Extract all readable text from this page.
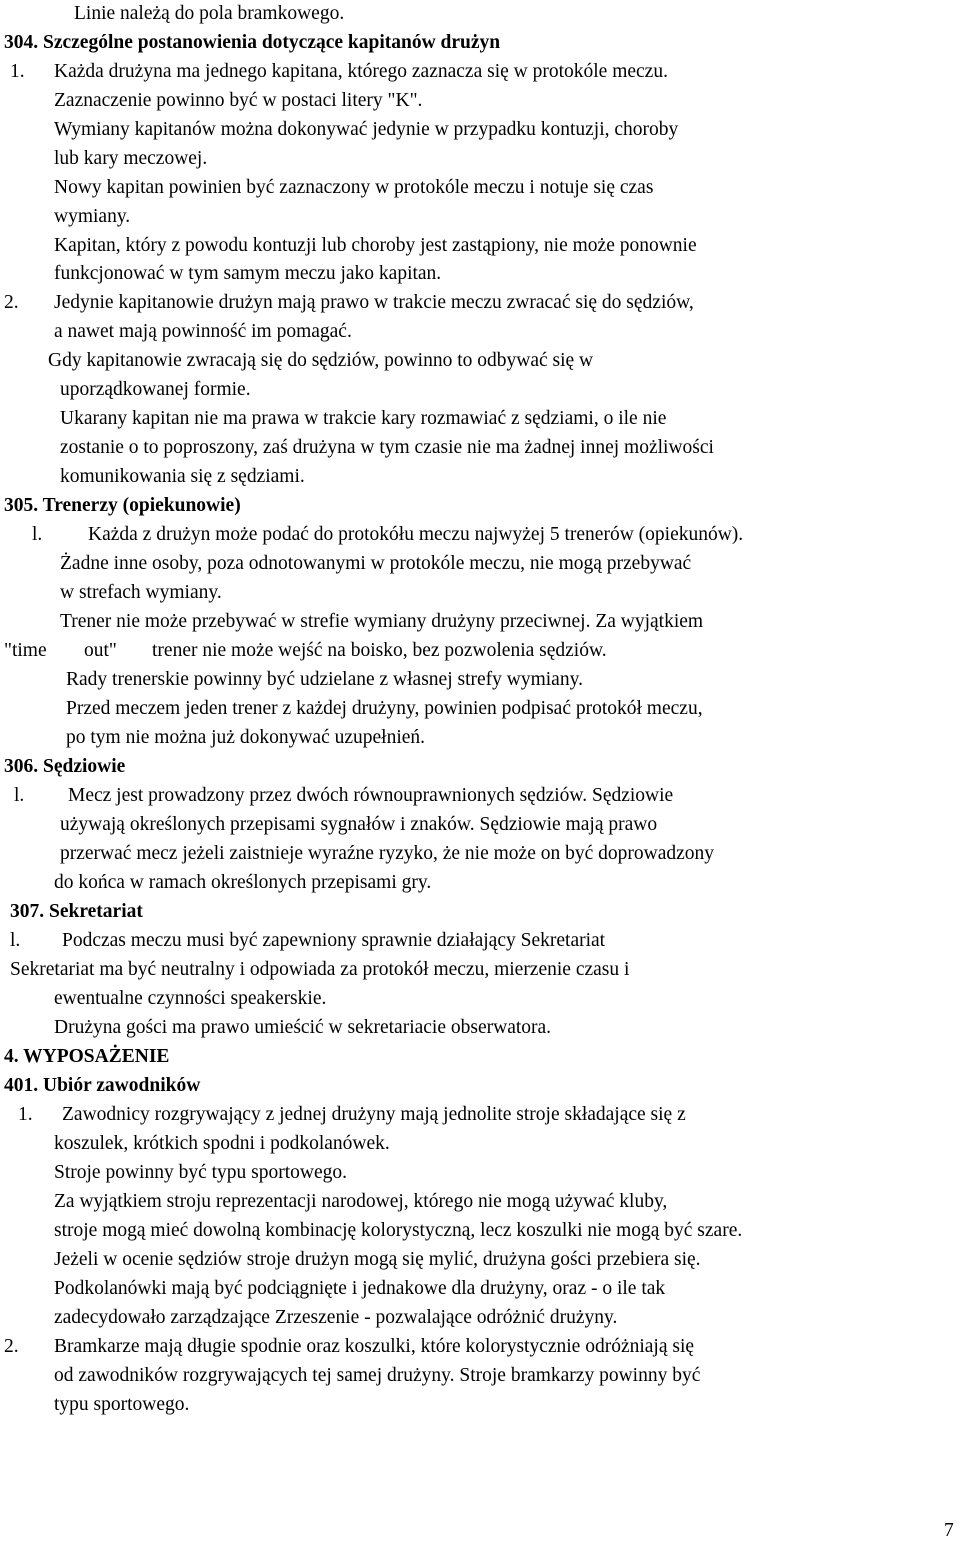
Linie należą do pola bramkowego.
304. Szczególne postanowienia dotyczące kapitanów drużyn
1. Każda drużyna ma jednego kapitana, którego zaznacza się w protokóle meczu.
Zaznaczenie powinno być w postaci litery "K".
Wymiany kapitanów można dokonywać jedynie w przypadku kontuzji, choroby
lub kary meczowej.
Nowy kapitan powinien być zaznaczony w protokóle meczu i notuje się czas
wymiany.
Kapitan, który z powodu kontuzji lub choroby jest zastąpiony, nie może ponownie
funkcjonować w tym samym meczu jako kapitan.
2. Jedynie kapitanowie drużyn mają prawo w trakcie meczu zwracać się do sędziów,
a nawet mają powinność im pomagać.
Gdy kapitanowie zwracają się do sędziów, powinno to odbywać się w
uporządkowanej formie.
Ukarany kapitan nie ma prawa w trakcie kary rozmawiać z sędziami, o ile nie
zostanie o to poproszony, zaś drużyna w tym czasie nie ma żadnej innej możliwości
komunikowania się z sędziami.
305. Trenerzy (opiekunowie)
l. Każda z drużyn może podać do protokółu meczu najwyżej 5 trenerów (opiekunów).
Żadne inne osoby, poza odnotowanymi w protokóle meczu, nie mogą przebywać
w strefach wymiany.
Trener nie może przebywać w strefie wymiany drużyny przeciwnej. Za wyjątkiem
"time out" trener nie może wejść na boisko, bez pozwolenia sędziów.
Rady trenerskie powinny być udzielane z własnej strefy wymiany.
Przed meczem jeden trener z każdej drużyny, powinien podpisać protokół meczu,
po tym nie można już dokonywać uzupełnień.
306. Sędziowie
l. Mecz jest prowadzony przez dwóch równouprawnionych sędziów. Sędziowie
używają określonych przepisami sygnałów i znaków. Sędziowie mają prawo
przerwać mecz jeżeli zaistnieje wyraźne ryzyko, że nie może on być doprowadzony
do końca w ramach określonych przepisami gry.
307. Sekretariat
l. Podczas meczu musi być zapewniony sprawnie działający Sekretariat
Sekretariat ma być neutralny i odpowiada za protokół meczu, mierzenie czasu i
ewentualne czynności speakerskie.
Drużyna gości ma prawo umieścić w sekretariacie obserwatora.
4. WYPOSAŻENIE
401. Ubiór zawodników
1. Zawodnicy rozgrywający z jednej drużyny mają jednolite stroje składające się z
koszulek, krótkich spodni i podkolanówek.
Stroje powinny być typu sportowego.
Za wyjątkiem stroju reprezentacji narodowej, którego nie mogą używać kluby,
stroje mogą mieć dowolną kombinację kolorystyczną, lecz koszulki nie mogą być szare.
Jeżeli w ocenie sędziów stroje drużyn mogą się mylić, drużyna gości przebiera się.
Podkolanówki mają być podciągnięte i jednakowe dla drużyny, oraz - o ile tak
zadecydowało zarządzające Zrzeszenie - pozwalające odróżnić drużyny.
2. Bramkarze mają długie spodnie oraz koszulki, które kolorystycznie odróżniają się
od zawodników rozgrywających tej samej drużyny. Stroje bramkarzy powinny być
typu sportowego.
7
